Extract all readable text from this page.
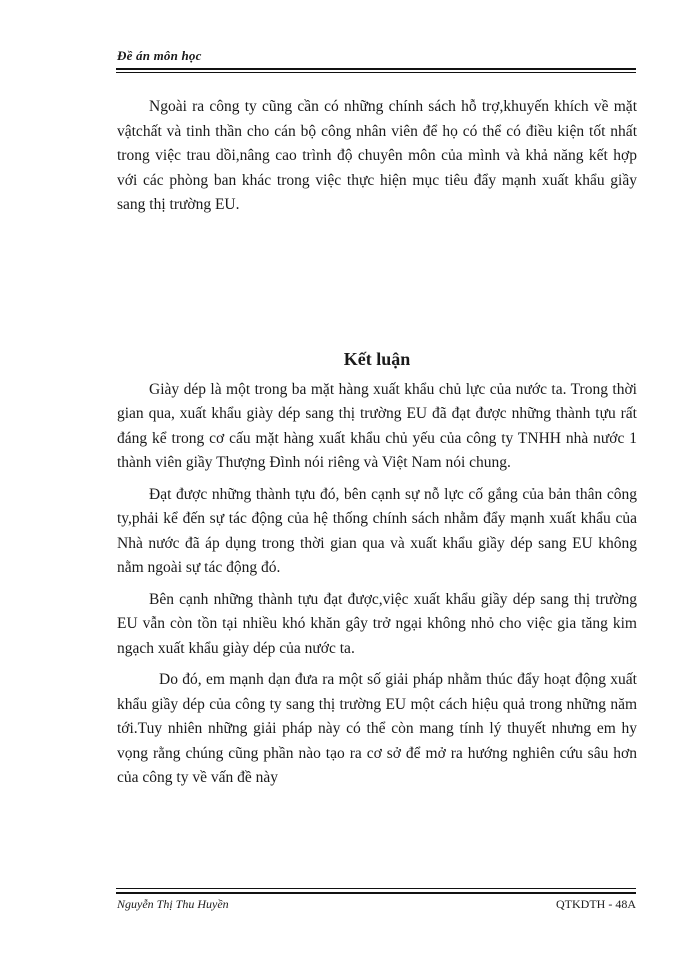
Đề án môn học

Ngoài ra công ty cũng cần có những chính sách hỗ trợ,khuyến khích về mặt vậtchất và tinh thần cho cán bộ công nhân viên để họ có thể có điều kiện tốt nhất trong việc trau dồi,nâng cao trình độ chuyên môn của mình và khả năng kết hợp với các phòng ban khác trong việc thực hiện mục tiêu đẩy mạnh xuất khẩu giầy sang thị trường EU.

Kết luận

Giày dép là một trong ba mặt hàng xuất khẩu chủ lực của nước ta. Trong thời gian qua, xuất khẩu giày dép sang thị trường EU đã đạt được những thành tựu rất đáng kể trong cơ cấu mặt hàng xuất khẩu chủ yếu của công ty TNHH nhà nước 1 thành viên giầy Thượng Đình nói riêng và Việt Nam nói chung.

Đạt được những thành tựu đó, bên cạnh sự nỗ lực cố gắng của bản thân công ty,phải kể đến sự tác động của hệ thống chính sách nhằm đẩy mạnh xuất khẩu của Nhà nước đã áp dụng trong thời gian qua và xuất khẩu giầy dép sang EU không nằm ngoài sự tác động đó.

Bên cạnh những thành tựu đạt được,việc xuất khẩu giầy dép sang thị trường EU vẫn còn tồn tại nhiều khó khăn gây trở ngại không nhỏ cho việc gia tăng kim ngạch xuất khẩu giày dép của nước ta.

Do đó, em mạnh dạn đưa ra một số giải pháp nhằm thúc đẩy hoạt động xuất khẩu giầy dép của công ty sang thị trường EU một cách hiệu quả trong những năm tới.Tuy nhiên những giải pháp này có thể còn mang tính lý thuyết nhưng em hy vọng rằng chúng cũng phần nào tạo ra cơ sở để mở ra hướng nghiên cứu sâu hơn của công ty về vấn đề này

Nguyễn Thị Thu Huyền	QTKDTH - 48A
